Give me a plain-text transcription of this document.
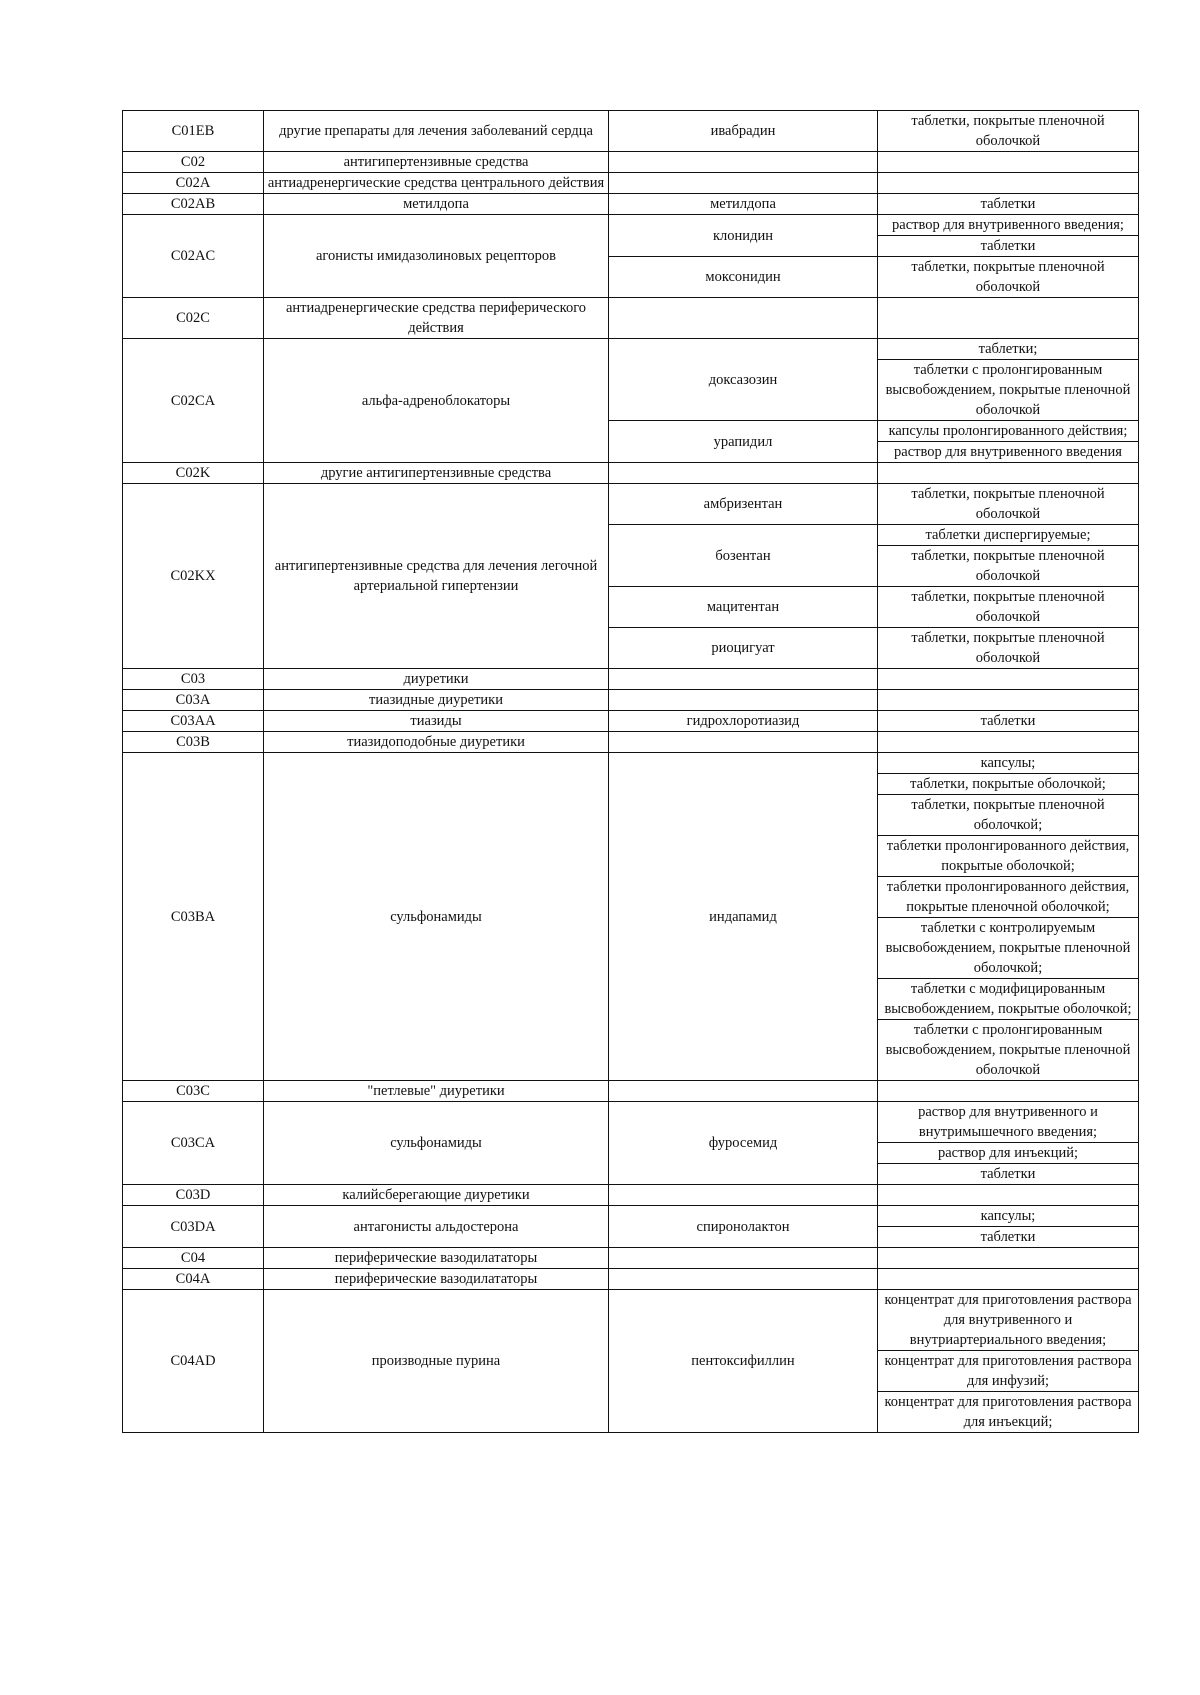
C01EB	другие препараты для лечения заболеваний сердца	ивабрадин	таблетки, покрытые пленочной оболочкой
C02	антигипертензивные средства		
C02A	антиадренергические средства центрального действия		
C02AB	метилдопа	метилдопа	таблетки
C02AC	агонисты имидазолиновых рецепторов	клонидин	раствор для внутривенного введения;
			таблетки
		моксонидин	таблетки, покрытые пленочной оболочкой
C02C	антиадренергические средства периферического действия		
C02CA	альфа-адреноблокаторы	доксазозин	таблетки;
			таблетки с пролонгированным высвобождением, покрытые пленочной оболочкой
		урапидил	капсулы пролонгированного действия;
			раствор для внутривенного введения
C02K	другие антигипертензивные средства		
C02KX	антигипертензивные средства для лечения легочной артериальной гипертензии	амбризентан	таблетки, покрытые пленочной оболочкой
		бозентан	таблетки диспергируемые;
			таблетки, покрытые пленочной оболочкой
		мацитентан	таблетки, покрытые пленочной оболочкой
		риоцигуат	таблетки, покрытые пленочной оболочкой
C03	диуретики		
C03A	тиазидные диуретики		
C03AA	тиазиды	гидрохлоротиазид	таблетки
C03B	тиазидоподобные диуретики		
C03BA	сульфонамиды	индапамид	капсулы;
			таблетки, покрытые оболочкой;
			таблетки, покрытые пленочной оболочкой;
			таблетки пролонгированного действия, покрытые оболочкой;
			таблетки пролонгированного действия, покрытые пленочной оболочкой;
			таблетки с контролируемым высвобождением, покрытые пленочной оболочкой;
			таблетки с модифицированным высвобождением, покрытые оболочкой;
			таблетки с пролонгированным высвобождением, покрытые пленочной оболочкой
C03C	"петлевые" диуретики		
C03CA	сульфонамиды	фуросемид	раствор для внутривенного и внутримышечного введения;
			раствор для инъекций;
			таблетки
C03D	калийсберегающие диуретики		
C03DA	антагонисты альдостерона	спиронолактон	капсулы;
			таблетки
C04	периферические вазодилататоры		
C04A	периферические вазодилататоры		
C04AD	производные пурина	пентоксифиллин	концентрат для приготовления раствора для внутривенного и внутриартериального введения;
			концентрат для приготовления раствора для инфузий;
			концентрат для приготовления раствора для инъекций;
